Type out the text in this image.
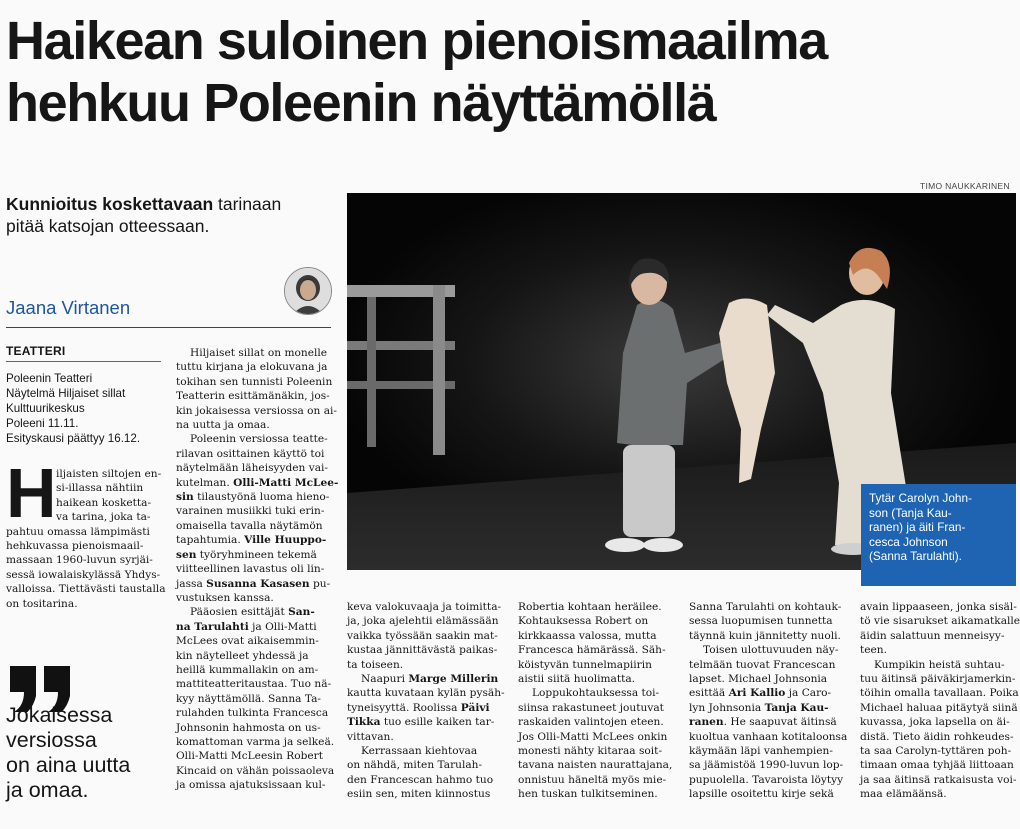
Haikean suloinen pienoismaailma
hehkuu Poleenin näyttämöllä
Kunnioitus koskettavaan tarinaan
pitää katsojan otteessaan.
Jaana Virtanen
TEATTERI
Poleenin Teatteri
Näytelmä Hiljaiset sillat
Kulttuurikeskus
Poleeni 11.11.
Esityskausi päättyy 16.12.
H iljaisten siltojen en-
si-illassa nähtiin
haikean kosketta-
va tarina, joka ta-
pahtuu omassa lämpimästi
hehkuvassa pienoismaail-
massaan 1960-luvun syrjäi-
sessä iowalaiskylässä Yhdys-
valloissa. Tiettävästi taustalla
on tositarina.
Jokaisessa
versiossa
on aina uutta
ja omaa.
Hiljaiset sillat on monelle
tuttu kirjana ja elokuvana ja
tokihan sen tunnisti Poleenin
Teatterin esittämänäkin, jos-
kin jokaisessa versiossa on ai-
na uutta ja omaa.
Poleenin versiossa teatte-
rilavan osittainen käyttö toi
näytelmään läheisyyden vai-
kutelman. Olli-Matti McLee-
sin tilaustyönä luoma hieno-
varainen musiikki tuki erin-
omaisella tavalla näytämön
tapahtumia. Ville Huuppo-
sen työryhmineen tekemä
viitteellinen lavastus oli lin-
jassa Susanna Kasasen pu-
vustuksen kanssa.
Pääosien esittäjät San-
na Tarulahti ja Olli-Matti
McLees ovat aikaisemmin-
kin näytelleet yhdessä ja
heillä kummallakin on am-
mattiteatteritaustaa. Tuo nä-
kyy näyttämöllä. Sanna Ta-
rulahden tulkinta Francesca
Johnsonin hahmosta on us-
komattoman varma ja selkeä.
Olli-Matti McLeesin Robert
Kincaid on vähän poissaoleva
ja omissa ajatuksissaan kul-
TIMO NAUKKARINEN
Tytär Carolyn John-
son (Tanja Kau-
ranen) ja äiti Fran-
cesca Johnson
(Sanna Tarulahti).
keva valokuvaaja ja toimitta-
ja, joka ajelehtii elämässään
vaikka työssään saakin mat-
kustaa jännittävästä paikas-
ta toiseen.
Naapuri Marge Millerin
kautta kuvataan kylän pysäh-
tyneisyyttä. Roolissa Päivi
Tikka tuo esille kaiken tar-
vittavan.
Kerrassaan kiehtovaa
on nähdä, miten Tarulah-
den Francescan hahmo tuo
esiin sen, miten kiinnostus
Robertia kohtaan heräilee.
Kohtauksessa Robert on
kirkkaassa valossa, mutta
Francesca hämärässä. Säh-
köistyvän tunnelmapiirin
aistii siitä huolimatta.
Loppukohtauksessa toi-
siinsa rakastuneet joutuvat
raskaiden valintojen eteen.
Jos Olli-Matti McLees onkin
monesti nähty kitaraa soit-
tavana naisten naurattajana,
onnistuu häneltä myös mie-
hen tuskan tulkitseminen.
Sanna Tarulahti on kohtauk-
sessa luopumisen tunnetta
täynnä kuin jännitetty nuoli.
Toisen ulottuvuuden näy-
telmään tuovat Francescan
lapset. Michael Johnsonia
esittää Ari Kallio ja Caro-
lyn Johnsonia Tanja Kau-
ranen. He saapuvat äitinsä
kuoltua vanhaan kotitaloonsa
käymään läpi vanhempien-
sa jäämistöä 1990-luvun lop-
pupuolella. Tavaroista löytyy
lapsille osoitettu kirje sekä
avain lippaaseen, jonka sisäl-
tö vie sisarukset aikamatkalle
äidin salattuun menneisyy-
teen.
Kumpikin heistä suhtau-
tuu äitinsä päiväkirjamerkin-
töihin omalla tavallaan. Poika
Michael haluaa pitäytyä siinä
kuvassa, joka lapsella on äi-
distä. Tieto äidin rohkeudes-
ta saa Carolyn-tyttären poh-
timaan omaa tyhjää liittoaan
ja saa äitinsä ratkaisusta voi-
maa elämäänsä.
